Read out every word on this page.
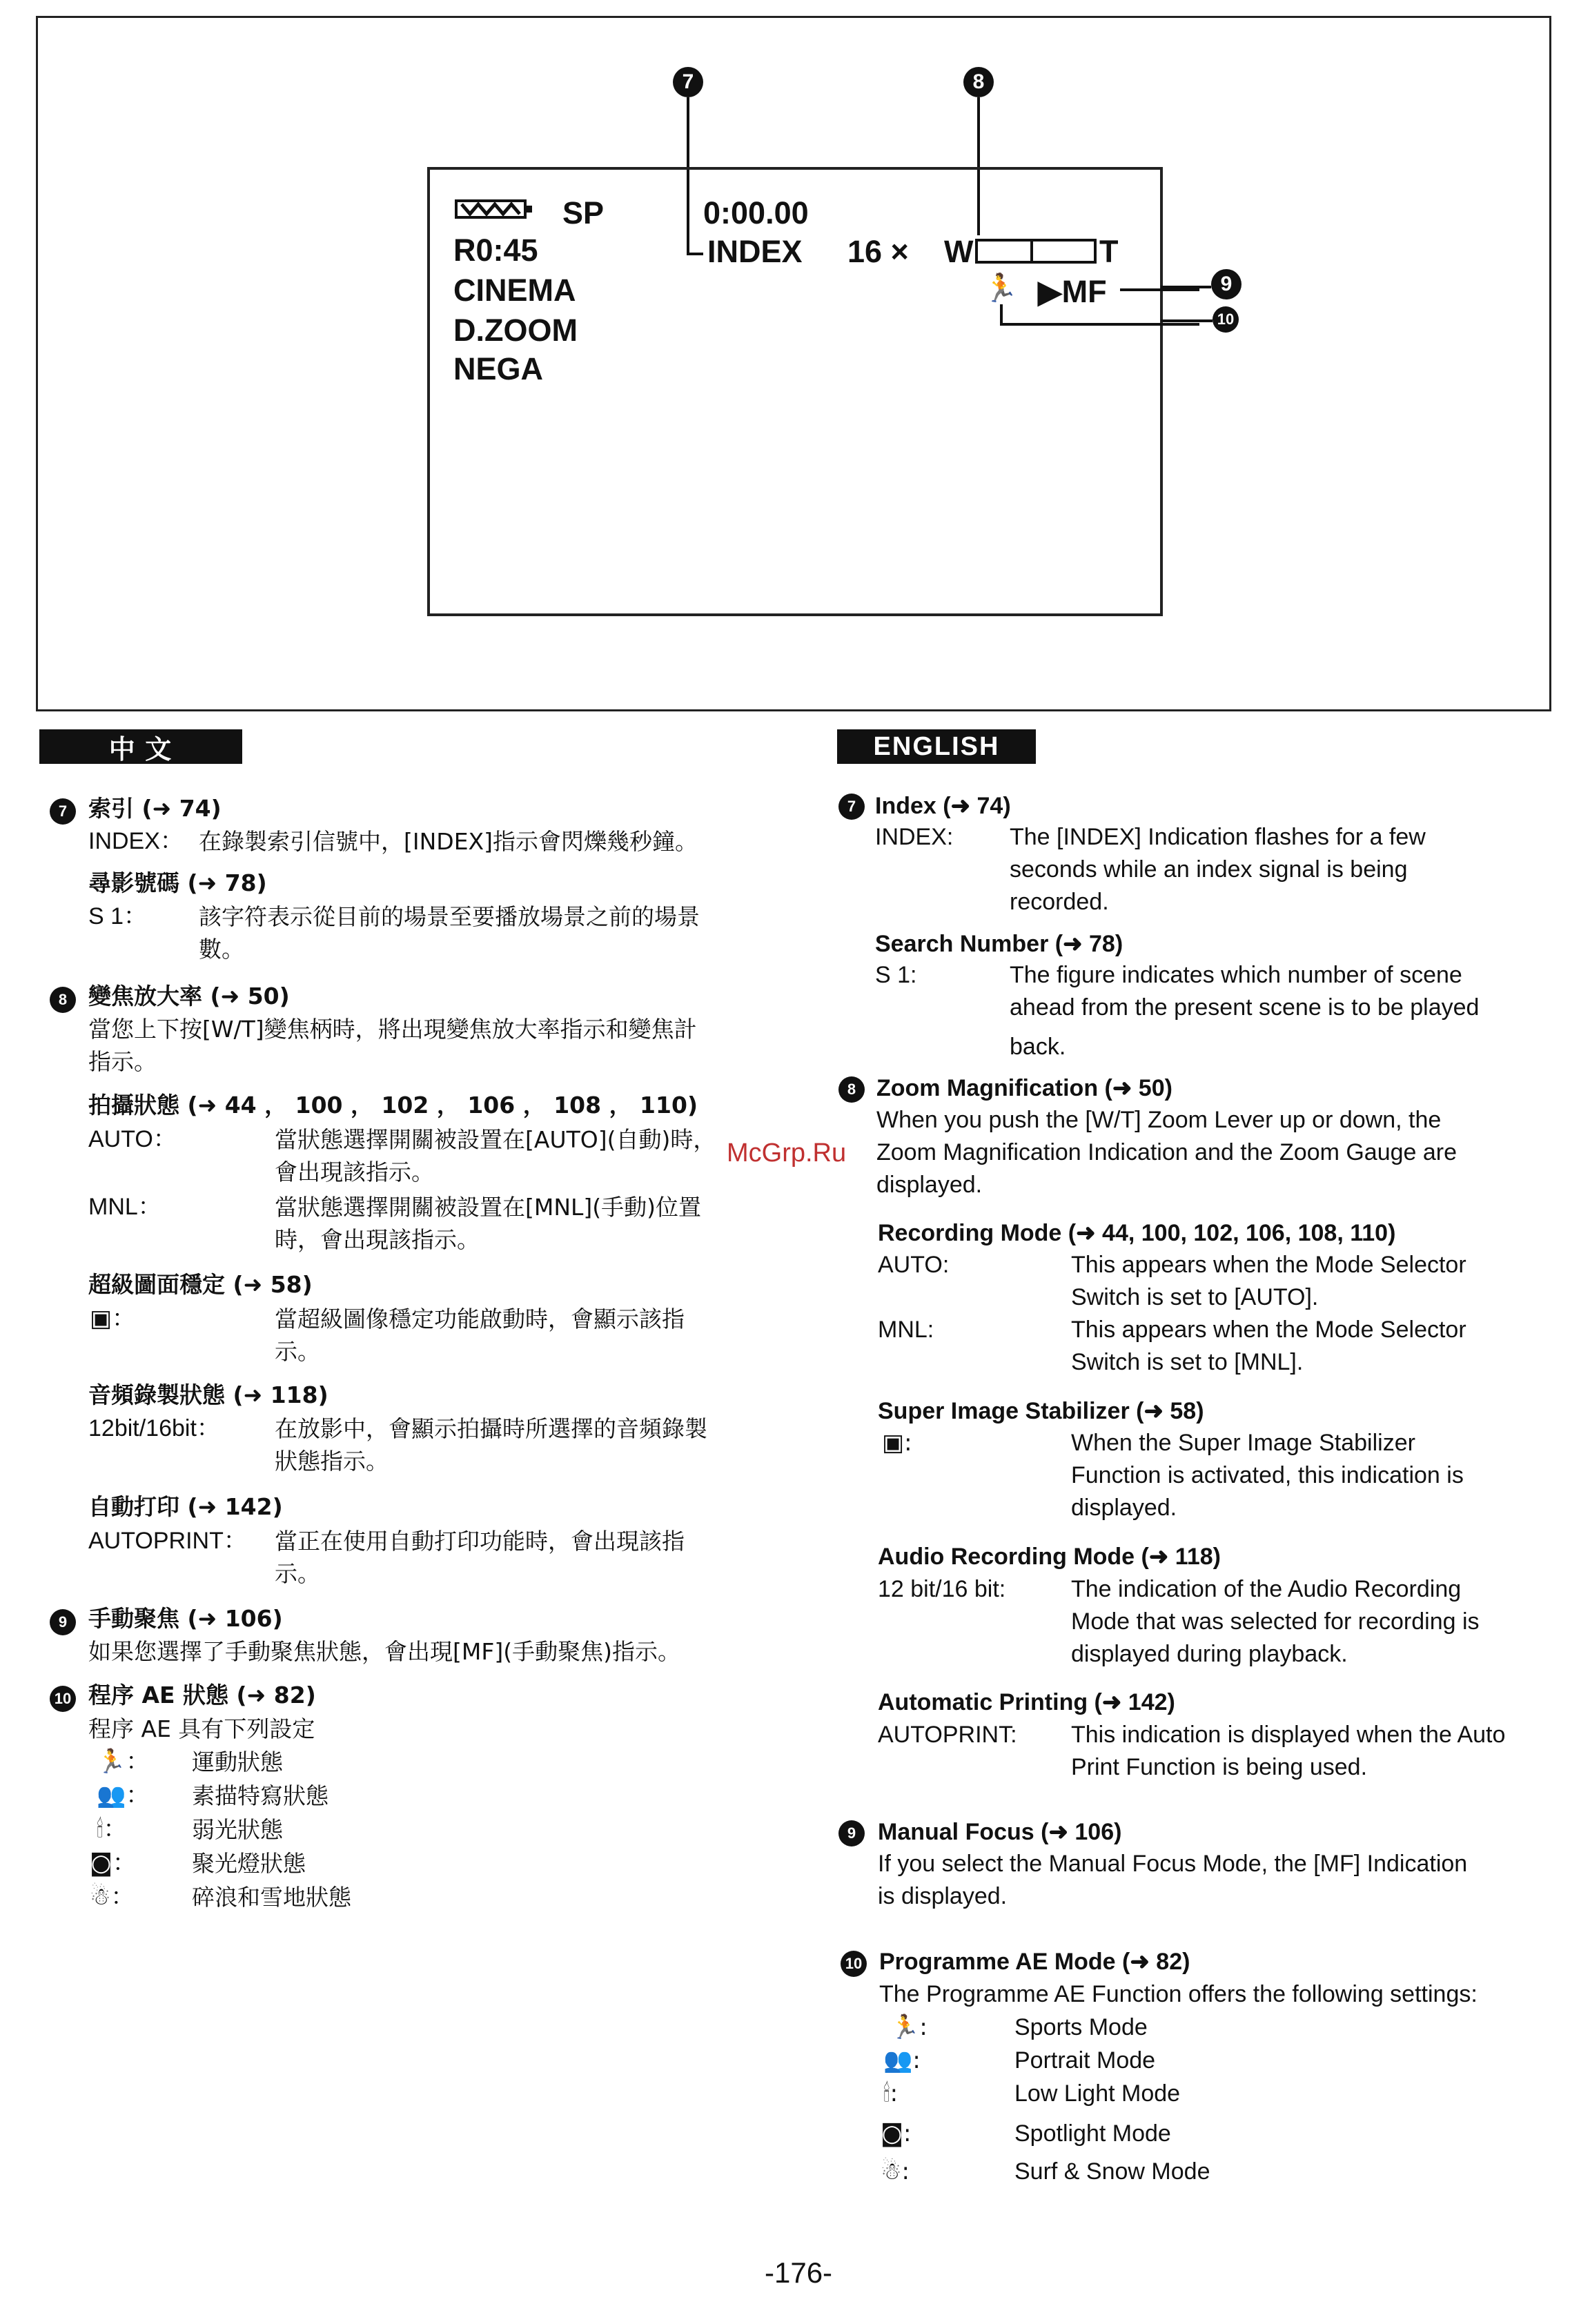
7	8
SP
R0:45
0:00.00
INDEX 16 × W	T
🏃 ▶MF
CINEMA
D.ZOOM
NEGA
9
10
中 文
7 索引 (➜ 74)
INDEX： 在錄製索引信號中，[INDEX]指示會閃爍幾秒鐘。
尋影號碼 (➜ 78)
S 1： 該字符表示從目前的場景至要播放場景之前的場景
數。
8 變焦放大率 (➜ 50)
當您上下按[W/T]變焦柄時，將出現變焦放大率指示和變焦計
指示。
拍攝狀態 (➜ 44 ， 100 ， 102 ， 106 ， 108 ， 110)
AUTO：	當狀態選擇開關被設置在[AUTO](自動)時，
會出現該指示。
MNL：	當狀態選擇開關被設置在[MNL](手動)位置
時，會出現該指示。
超級圖面穩定 (➜ 58)
▣：	當超級圖像穩定功能啟動時，會顯示該指
示。
音頻錄製狀態 (➜ 118)
12bit/16bit： 在放影中，會顯示拍攝時所選擇的音頻錄製
狀態指示。
自動打印 (➜ 142)
AUTOPRINT： 當正在使用自動打印功能時，會出現該指
示。
9 手動聚焦 (➜ 106)
如果您選擇了手動聚焦狀態，會出現[MF](手動聚焦)指示。
10 程序 AE 狀態 (➜ 82)
程序 AE 具有下列設定
🏃： 運動狀態
👥： 素描特寫狀態
🕯：	弱光狀態
◙： 聚光燈狀態
☃：	碎浪和雪地狀態
McGrp.Ru
ENGLISH
7 Index (➜ 74)
INDEX: The [INDEX] Indication flashes for a few
seconds while an index signal is being
recorded.
Search Number (➜ 78)
S 1:	The figure indicates which number of scene
ahead from the present scene is to be played
back.
8 Zoom Magnification (➜ 50)
When you push the [W/T] Zoom Lever up or down, the
Zoom Magnification Indication and the Zoom Gauge are
displayed.
Recording Mode (➜ 44, 100, 102, 106, 108, 110)
AUTO:	This appears when the Mode Selector
Switch is set to [AUTO].
MNL:	This appears when the Mode Selector
Switch is set to [MNL].
Super Image Stabilizer (➜ 58)
▣:	When the Super Image Stabilizer
Function is activated, this indication is
displayed.
Audio Recording Mode (➜ 118)
12 bit/16 bit:	The indication of the Audio Recording
Mode that was selected for recording is
displayed during playback.
Automatic Printing (➜ 142)
AUTOPRINT: This indication is displayed when the Auto
Print Function is being used.
9 Manual Focus (➜ 106)
If you select the Manual Focus Mode, the [MF] Indication
is displayed.
10 Programme AE Mode (➜ 82)
The Programme AE Function offers the following settings:
🏃:	Sports Mode
👥:	Portrait Mode
🕯:	Low Light Mode
◙:	Spotlight Mode
☃:	Surf & Snow Mode
-176-
